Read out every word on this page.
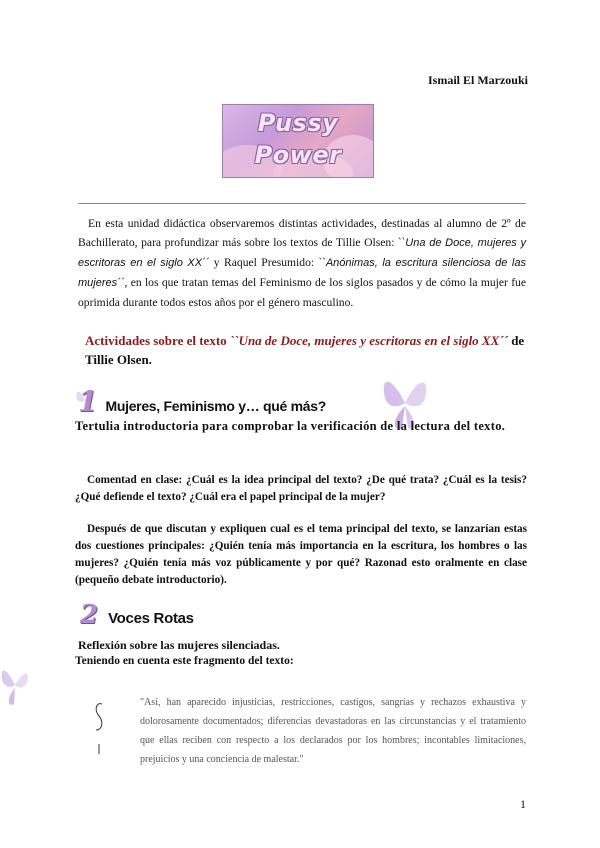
Ismail El Marzouki
Pussy
Power
En esta unidad didáctica observaremos distintas actividades, destinadas al alumno de 2º de Bachillerato, para profundizar más sobre los textos de Tillie Olsen: ``Una de Doce, mujeres y escritoras en el siglo XX´´ y Raquel Presumido: ``Anónimas, la escritura silenciosa de las mujeres´´, en los que tratan temas del Feminismo de los siglos pasados y de cómo la mujer fue oprimida durante todos estos años por el género masculino.
Actividades sobre el texto ``Una de Doce, mujeres y escritoras en el siglo XX´´ de Tillie Olsen.
1 Mujeres, Feminismo y… qué más?
Tertulia introductoria para comprobar la verificación de la lectura del texto.
Comentad en clase: ¿Cuál es la idea principal del texto? ¿De qué trata? ¿Cuál es la tesis? ¿Qué defiende el texto? ¿Cuál era el papel principal de la mujer?
Después de que discutan y expliquen cual es el tema principal del texto, se lanzarían estas dos cuestiones principales: ¿Quién tenía más importancia en la escritura, los hombres o las mujeres? ¿Quién tenía más voz públicamente y por qué? Razonad esto oralmente en clase (pequeño debate introductorio).
2 Voces Rotas
Reflexión sobre las mujeres silenciadas.
Teniendo en cuenta este fragmento del texto:
"Así, han aparecido injusticias, restricciones, castigos, sangrías y rechazos exhaustiva y dolorosamente documentados; diferencias devastadoras en las circunstancias y el tratamiento que ellas reciben con respecto a los declarados por los hombres; incontables limitaciones, prejuicios y una conciencia de malestar."
1
